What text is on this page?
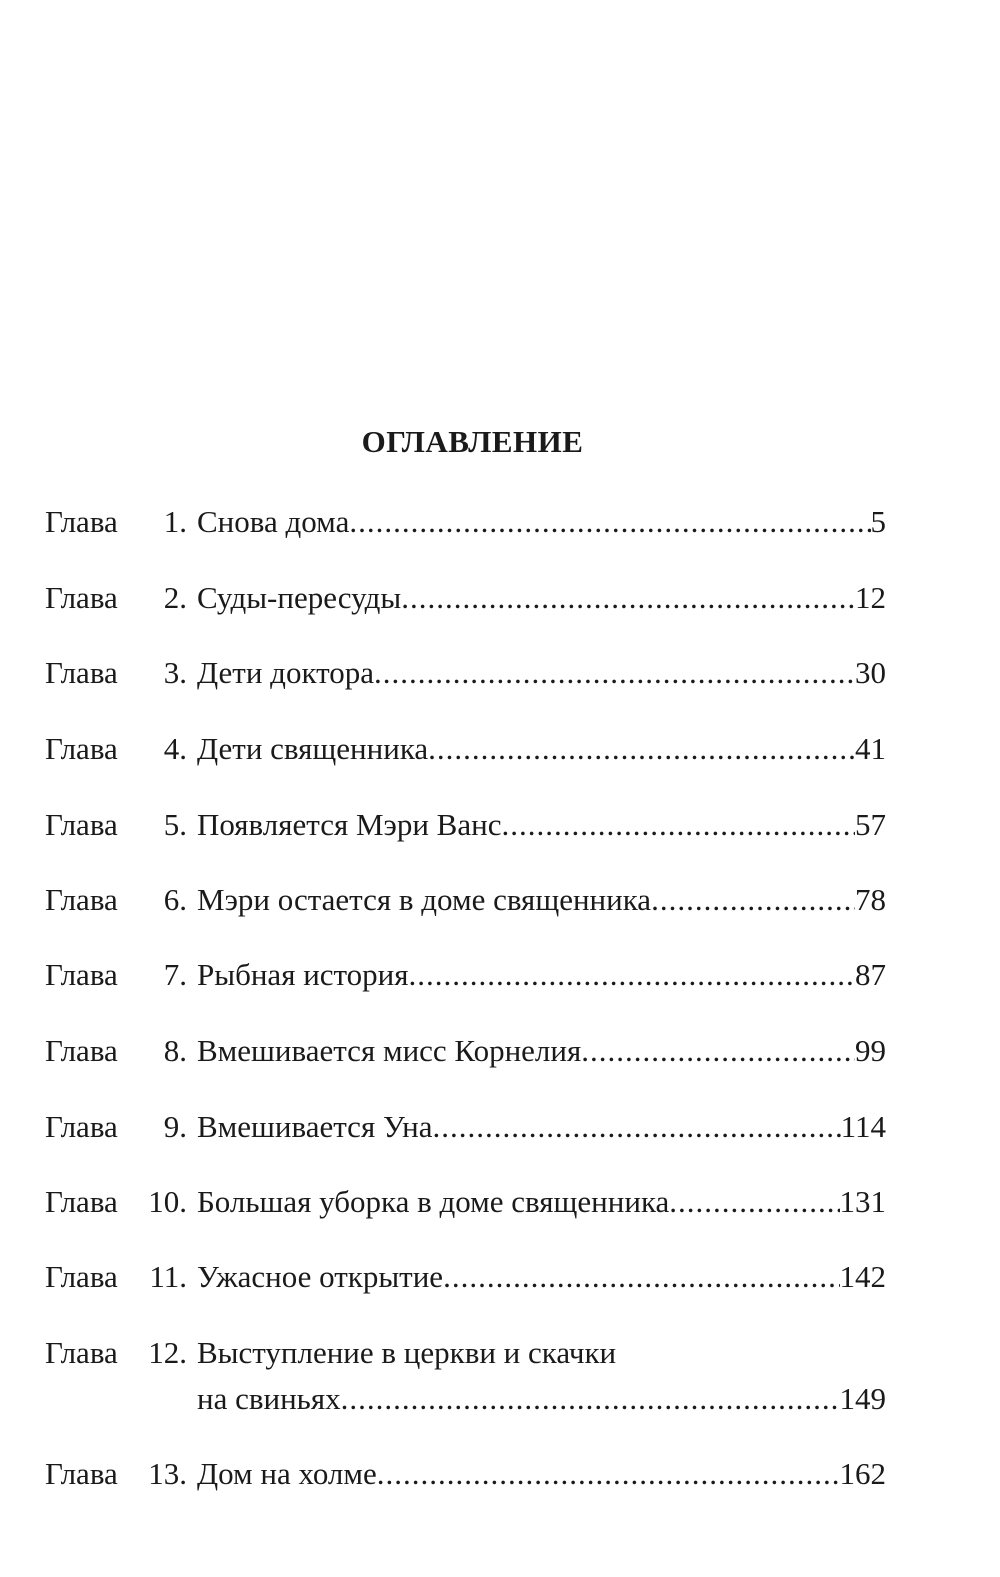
ОГЛАВЛЕНИЕ
Глава	1. Снова дома .....	5
Глава	2. Суды-пересуды .....	12
Глава	3. Дети доктора .....	30
Глава	4. Дети священника .....	41
Глава	5. Появляется Мэри Ванс .....	57
Глава	6. Мэри остается в доме священника .....	78
Глава	7. Рыбная история .....	87
Глава	8. Вмешивается мисс Корнелия .....	99
Глава	9. Вмешивается Уна .....	114
Глава 10. Большая уборка в доме священника .....	131
Глава	11. Ужасное открытие .....	142
Глава 12. Выступление в церкви и скачки
на свиньях .....	149
Глава 13. Дом на холме .....	162
